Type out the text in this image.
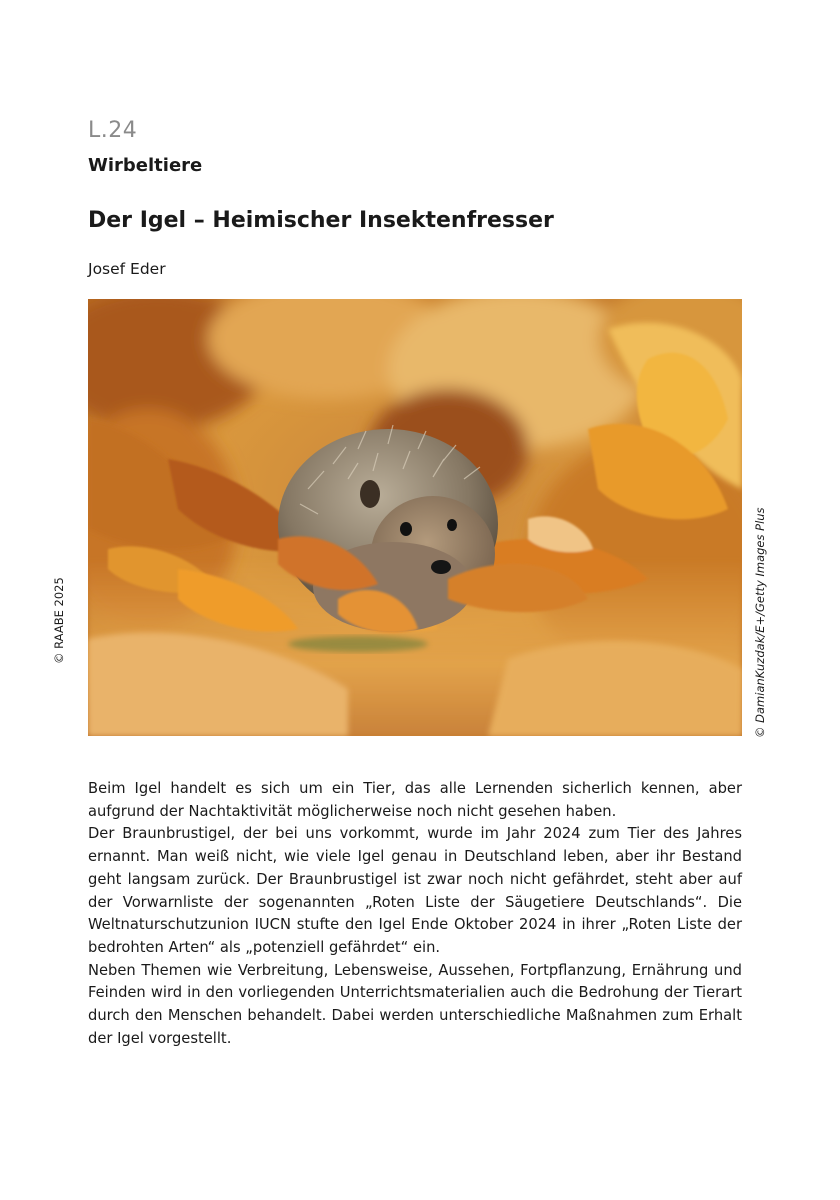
L.24
Wirbeltiere
Der Igel – Heimischer Insektenfresser
Josef Eder
© RAABE 2025	© DamianKuzdak/E+/Getty Images Plus

Beim Igel handelt es sich um ein Tier, das alle Lernenden sicherlich kennen, aber aufgrund der Nachtaktivität möglicherweise noch nicht gesehen haben.

Der Braunbrustigel, der bei uns vorkommt, wurde im Jahr 2024 zum Tier des Jahres ernannt. Man weiß nicht, wie viele Igel genau in Deutschland leben, aber ihr Bestand geht langsam zurück. Der Braunbrustigel ist zwar noch nicht gefährdet, steht aber auf der Vorwarnliste der sogenannten „Roten Liste der Säugetiere Deutschlands“. Die Weltnaturschutzunion IUCN stufte den Igel Ende Oktober 2024 in ihrer „Roten Liste der bedrohten Arten“ als „potenziell gefährdet“ ein.

Neben Themen wie Verbreitung, Lebensweise, Aussehen, Fortpflanzung, Ernährung und Feinden wird in den vorliegenden Unterrichtsmaterialien auch die Bedrohung der Tierart durch den Menschen behandelt. Dabei werden unterschiedliche Maßnahmen zum Erhalt der Igel vorgestellt.
